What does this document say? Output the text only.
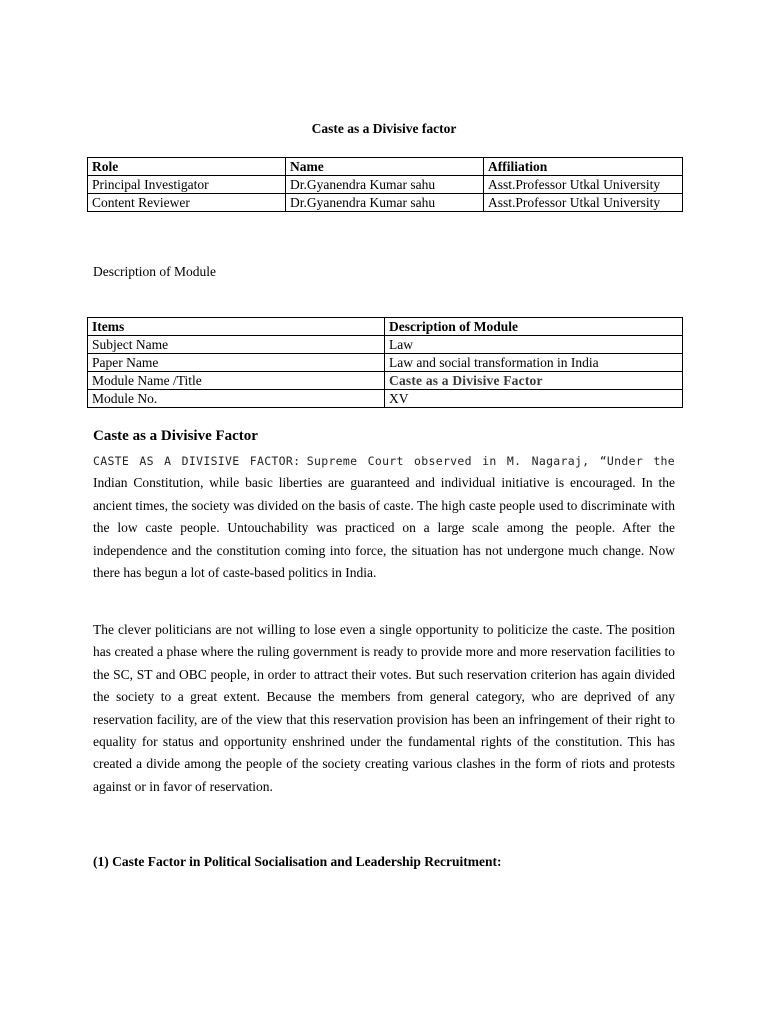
Caste as a Divisive factor
Role	Name	Affiliation
Principal Investigator	Dr.Gyanendra Kumar sahu	Asst.Professor Utkal University
Content Reviewer	Dr.Gyanendra Kumar sahu	Asst.Professor Utkal University
Description of Module
Items	Description of Module
Subject Name	Law
Paper Name	Law and social transformation in India
Module Name /Title	Caste as a Divisive Factor
Module No.	XV
Caste as a Divisive Factor

CASTE AS A DIVISIVE FACTOR: Supreme Court observed in M. Nagaraj, “Under the Indian Constitution, while basic liberties are guaranteed and individual initiative is encouraged. In the ancient times, the society was divided on the basis of caste. The high caste people used to discriminate with the low caste people. Untouchability was practiced on a large scale among the people. After the independence and the constitution coming into force, the situation has not undergone much change. Now there has begun a lot of caste-based politics in India.

The clever politicians are not willing to lose even a single opportunity to politicize the caste. The position has created a phase where the ruling government is ready to provide more and more reservation facilities to the SC, ST and OBC people, in order to attract their votes. But such reservation criterion has again divided the society to a great extent. Because the members from general category, who are deprived of any reservation facility, are of the view that this reservation provision has been an infringement of their right to equality for status and opportunity enshrined under the fundamental rights of the constitution. This has created a divide among the people of the society creating various clashes in the form of riots and protests against or in favor of reservation.

(1) Caste Factor in Political Socialisation and Leadership Recruitment:
